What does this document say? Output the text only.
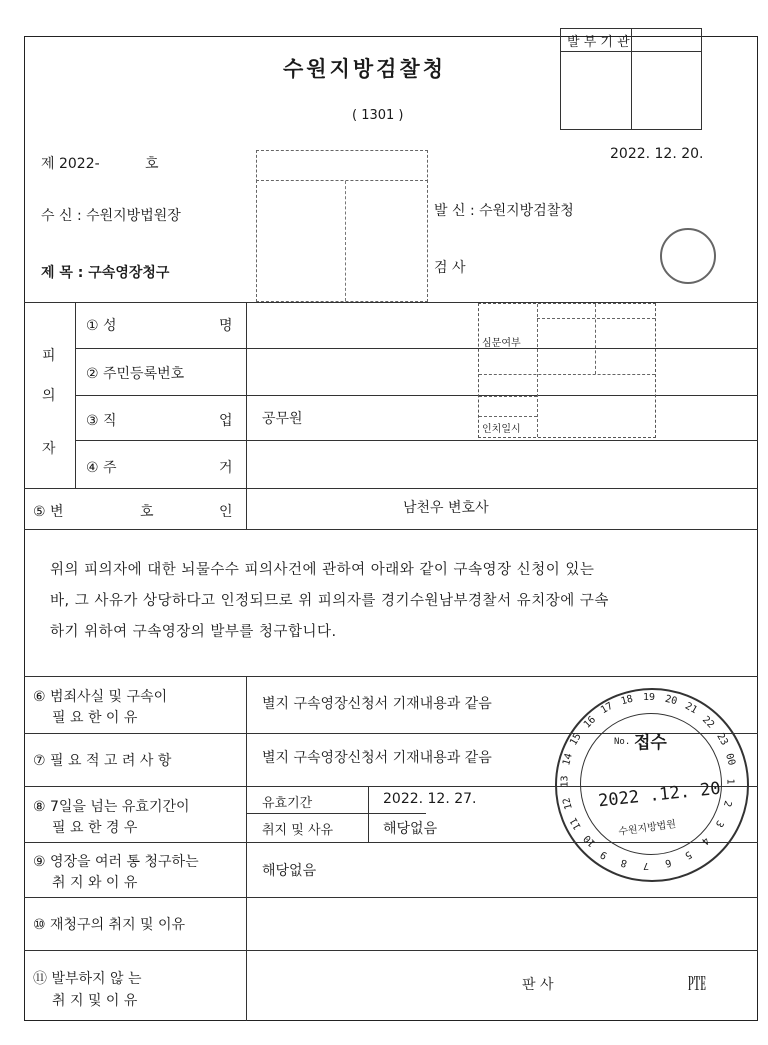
수원지방검찰청
( 1301 )
발 부 기 관
제 2022-	호
2022. 12. 20.
수 신 : 수원지방법원장	발 신 : 수원지방검찰청
제 목 : 구속영장청구	검 사
피
의
자
① 성	명
② 주민등록번호
③ 직	업 공무원
④ 주	거
심문여부
인치일시
⑤ 변	호	인	남천우 변호사
위의 피의자에 대한 뇌물수수 피의사건에 관하여 아래와 같이 구속영장 신청이 있는
바, 그 사유가 상당하다고 인정되므로 위 피의자를 경기수원남부경찰서 유치장에 구속
하기 위하여 구속영장의 발부를 청구합니다.
⑥ 범죄사실 및 구속이
필 요 한 이 유
별지 구속영장신청서 기재내용과 같음
⑦ 필 요 적 고 려 사 항	별지 구속영장신청서 기재내용과 같음
⑧ 7일을 넘는 유효기간이
필 요 한 경 우
유효기간	2022. 12. 27.
취지 및 사유	해당없음
⑨ 영장을 여러 통 청구하는
취 지 와 이 유
해당없음
⑩ 재청구의 취지 및 이유
⑪ 발부하지 않 는
취 지 및 이 유
판 사	㉐
15
16
17
18 19 20
21
22
23
00
1
2
3
4
5
6
7
8
9
10
11
12
13
14
No. 접수
2022 .12. 20
수원지방법원
